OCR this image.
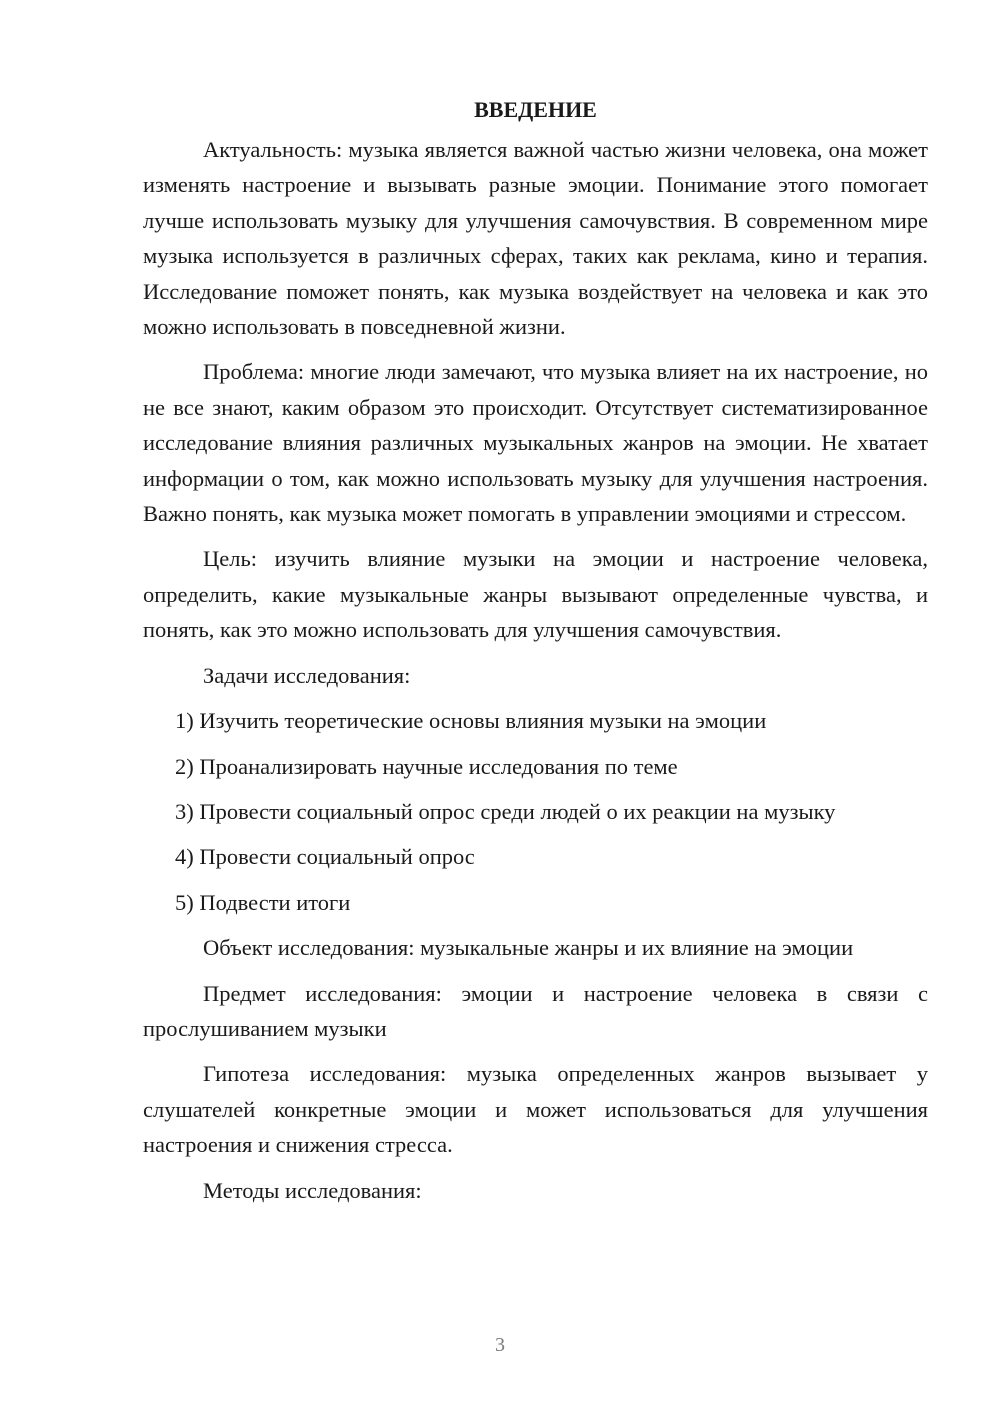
ВВЕДЕНИЕ

Актуальность: музыка является важной частью жизни человека, она может изменять настроение и вызывать разные эмоции. Понимание этого помогает лучше использовать музыку для улучшения самочувствия. В современном мире музыка используется в различных сферах, таких как реклама, кино и терапия. Исследование поможет понять, как музыка воздействует на человека и как это можно использовать в повседневной жизни.

Проблема: многие люди замечают, что музыка влияет на их настроение, но не все знают, каким образом это происходит. Отсутствует систематизированное исследование влияния различных музыкальных жанров на эмоции. Не хватает информации о том, как можно использовать музыку для улучшения настроения. Важно понять, как музыка может помогать в управлении эмоциями и стрессом.

Цель: изучить влияние музыки на эмоции и настроение человека, определить, какие музыкальные жанры вызывают определенные чувства, и понять, как это можно использовать для улучшения самочувствия.

Задачи исследования:

1) Изучить теоретические основы влияния музыки на эмоции
2) Проанализировать научные исследования по теме
3) Провести социальный опрос среди людей о их реакции на музыку
4) Провести социальный опрос
5) Подвести итоги

Объект исследования: музыкальные жанры и их влияние на эмоции

Предмет исследования: эмоции и настроение человека в связи с прослушиванием музыки

Гипотеза исследования: музыка определенных жанров вызывает у слушателей конкретные эмоции и может использоваться для улучшения настроения и снижения стресса.

Методы исследования:

3
